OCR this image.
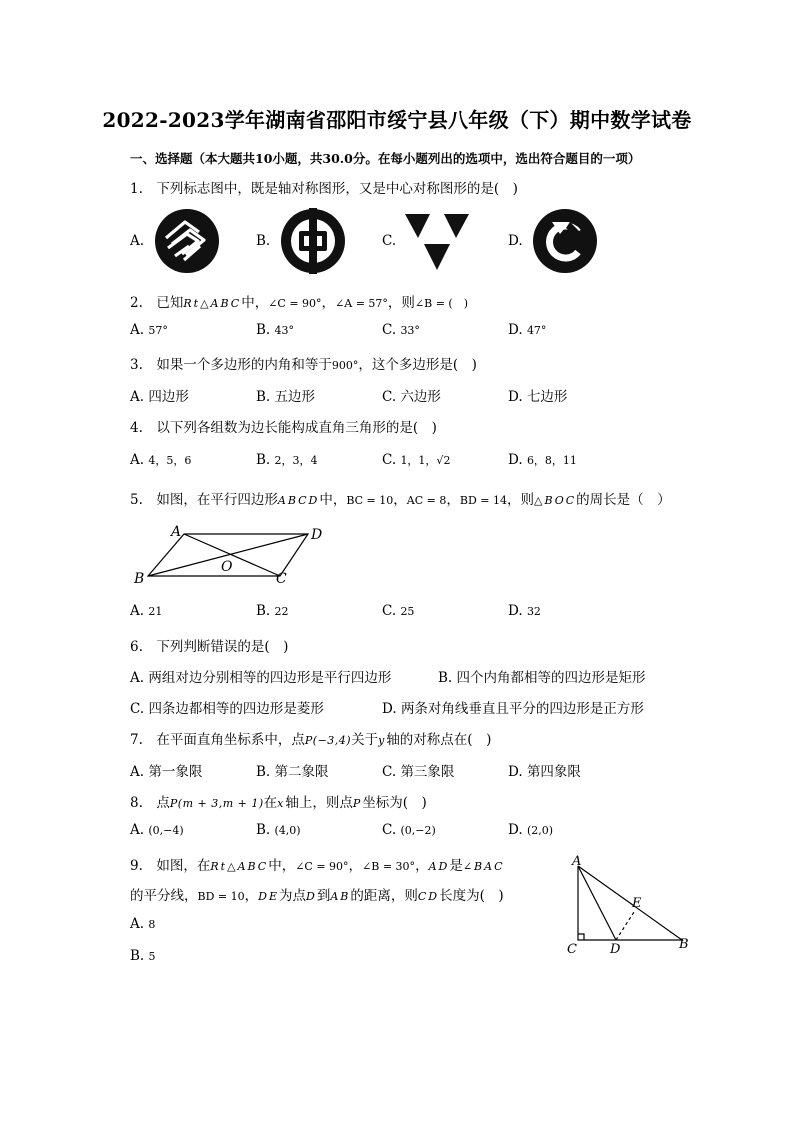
2022-2023学年湖南省邵阳市绥宁县八年级（下）期中数学试卷
一、选择题（本大题共10小题，共30.0分。在每小题列出的选项中，选出符合题目的一项）
1.　下列标志图中，既是轴对称图形，又是中心对称图形的是(　)
A.	B.	C.	D.
2.　已知Rt△ABC中，∠C = 90°，∠A = 57°，则∠B = (　)
A. 57°	B. 43°	C. 33°	D. 47°
3.　如果一个多边形的内角和等于900°，这个多边形是(　)
A. 四边形	B. 五边形	C. 六边形	D. 七边形
4.　以下列各组数为边长能构成直角三角形的是(　)
A. 4，5，6	B. 2，3，4	C. 1，1，√2	D. 6，8，11
5.　如图，在平行四边形ABCD中，BC = 10，AC = 8，BD = 14，则△BOC的周长是（　）
A	D
B
O
C
A. 21	B. 22	C. 25	D. 32
6.　下列判断错误的是(　)
A. 两组对边分别相等的四边形是平行四边形	B. 四个内角都相等的四边形是矩形
C. 四条边都相等的四边形是菱形	D. 两条对角线垂直且平分的四边形是正方形
7.　在平面直角坐标系中，点P(−3,4)关于y轴的对称点在(　)
A. 第一象限	B. 第二象限	C. 第三象限	D. 第四象限
8.　点P(m + 3,m + 1)在x轴上，则点P坐标为(　)
A. (0,−4)	B. (4,0)	C. (0,−2)	D. (2,0)
9.　如图，在Rt△ABC中，∠C = 90°，∠B = 30°，AD是∠BAC
的平分线，BD = 10，DE为点D到AB的距离，则CD长度为(　)
A. 8
B. 5
A
E
C	D	B
